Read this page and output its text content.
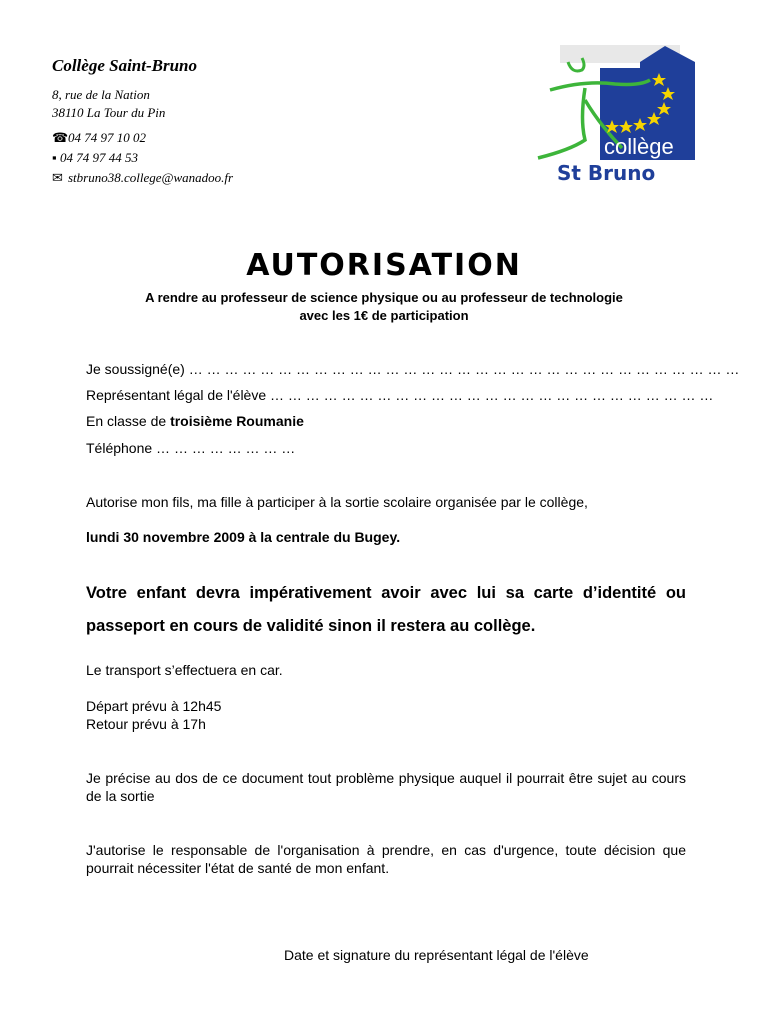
Collège Saint-Bruno
8, rue de la Nation
38110 La Tour du Pin
☎04 74 97 10 02
▪ 04 74 97 44 53
✉ stbruno38.college@wanadoo.fr
collège
St Bruno
AUTORISATION
A rendre au professeur de science physique ou au professeur de technologie
avec les 1€ de participation
Je soussigné(e) … … … … … … … … … … … … … … … … … … … … … … … … … … … … … … …
Représentant légal de l'élève … … … … … … … … … … … … … … … … … … … … … … … … …
En classe de troisième Roumanie
Téléphone … … … … … … … …
Autorise mon fils, ma fille à participer à la sortie scolaire organisée par le collège,
lundi 30 novembre 2009 à la centrale du Bugey.
Votre enfant devra impérativement avoir avec lui sa carte d’identité ou passeport en cours de validité sinon il restera au collège.
Le transport s’effectuera en car.
Départ prévu à 12h45
Retour prévu à 17h
Je précise au dos de ce document tout problème physique auquel il pourrait être sujet au cours de la sortie
J'autorise le responsable de l'organisation à prendre, en cas d'urgence, toute décision que pourrait nécessiter l'état de santé de mon enfant.
Date et signature du représentant légal de l'élève
